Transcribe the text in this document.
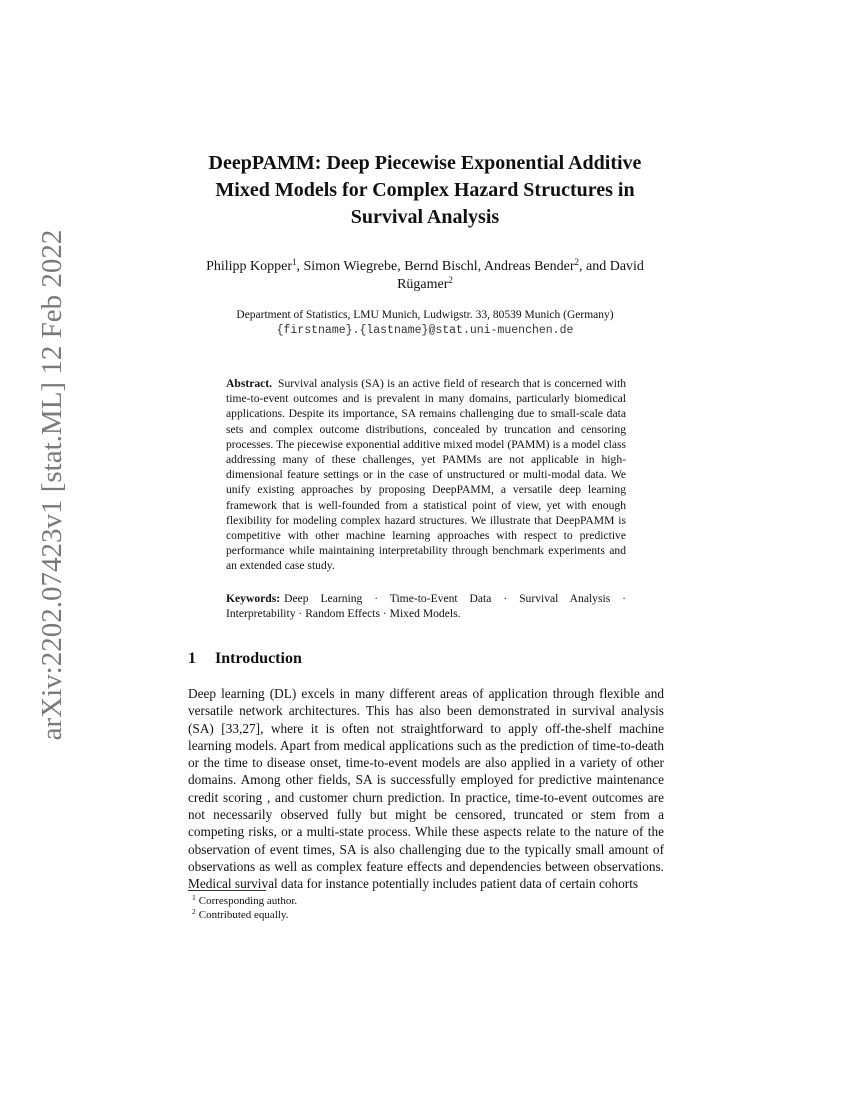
arXiv:2202.07423v1 [stat.ML] 12 Feb 2022
DeepPAMM: Deep Piecewise Exponential Additive Mixed Models for Complex Hazard Structures in Survival Analysis
Philipp Kopper$^1$, Simon Wiegrebe, Bernd Bischl, Andreas Bender$^2$, and David Rügamer$^2$
Department of Statistics, LMU Munich, Ludwigstr. 33, 80539 Munich (Germany)
{firstname}.{lastname}@stat.uni-muenchen.de
Abstract. Survival analysis (SA) is an active field of research that is concerned with time-to-event outcomes and is prevalent in many domains, particularly biomedical applications. Despite its importance, SA remains challenging due to small-scale data sets and complex outcome distributions, concealed by truncation and censoring processes. The piecewise exponential additive mixed model (PAMM) is a model class addressing many of these challenges, yet PAMMs are not applicable in high-dimensional feature settings or in the case of unstructured or multi-modal data. We unify existing approaches by proposing DeepPAMM, a versatile deep learning framework that is well-founded from a statistical point of view, yet with enough flexibility for modeling complex hazard structures. We illustrate that DeepPAMM is competitive with other machine learning approaches with respect to predictive performance while maintaining interpretability through benchmark experiments and an extended case study.
Keywords: Deep Learning · Time-to-Event Data · Survival Analysis · Interpretability · Random Effects · Mixed Models.
1 Introduction
Deep learning (DL) excels in many different areas of application through flexible and versatile network architectures. This has also been demonstrated in survival analysis (SA) [33,27], where it is often not straightforward to apply off-the-shelf machine learning models. Apart from medical applications such as the prediction of time-to-death or the time to disease onset, time-to-event models are also applied in a variety of other domains. Among other fields, SA is successfully employed for predictive maintenance credit scoring , and customer churn prediction. In practice, time-to-event outcomes are not necessarily observed fully but might be censored, truncated or stem from a competing risks, or a multi-state process. While these aspects relate to the nature of the observation of event times, SA is also challenging due to the typically small amount of observations as well as complex feature effects and dependencies between observations. Medical survival data for instance potentially includes patient data of certain cohorts
$^1$ Corresponding author.
$^2$ Contributed equally.
